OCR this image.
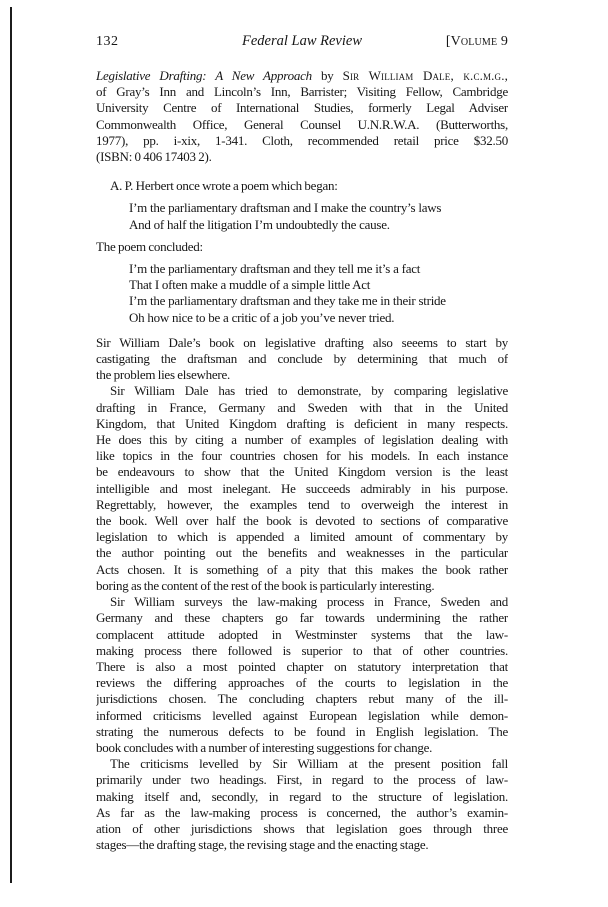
132	Federal Law Review	[Volume 9
Legislative Drafting: A New Approach by Sir William Dale, k.c.m.g.,
of Gray’s Inn and Lincoln’s Inn, Barrister; Visiting Fellow, Cambridge
University Centre of International Studies, formerly Legal Adviser
Commonwealth Office, General Counsel U.N.R.W.A. (Butterworths,
1977), pp. i-xix, 1-341. Cloth, recommended retail price $32.50
(ISBN: 0 406 17403 2).
A. P. Herbert once wrote a poem which began:
I’m the parliamentary draftsman and I make the country’s laws
And of half the litigation I’m undoubtedly the cause.
The poem concluded:
I’m the parliamentary draftsman and they tell me it’s a fact
That I often make a muddle of a simple little Act
I’m the parliamentary draftsman and they take me in their stride
Oh how nice to be a critic of a job you’ve never tried.
Sir William Dale’s book on legislative drafting also seeems to start by
castigating the draftsman and conclude by determining that much of
the problem lies elsewhere.
Sir William Dale has tried to demonstrate, by comparing legislative
drafting in France, Germany and Sweden with that in the United
Kingdom, that United Kingdom drafting is deficient in many respects.
He does this by citing a number of examples of legislation dealing with
like topics in the four countries chosen for his models. In each instance
be endeavours to show that the United Kingdom version is the least
intelligible and most inelegant. He succeeds admirably in his purpose.
Regrettably, however, the examples tend to overweigh the interest in
the book. Well over half the book is devoted to sections of comparative
legislation to which is appended a limited amount of commentary by
the author pointing out the benefits and weaknesses in the particular
Acts chosen. It is something of a pity that this makes the book rather
boring as the content of the rest of the book is particularly interesting.
Sir William surveys the law-making process in France, Sweden and
Germany and these chapters go far towards undermining the rather
complacent attitude adopted in Westminster systems that the law-
making process there followed is superior to that of other countries.
There is also a most pointed chapter on statutory interpretation that
reviews the differing approaches of the courts to legislation in the
jurisdictions chosen. The concluding chapters rebut many of the ill-
informed criticisms levelled against European legislation while demon-
strating the numerous defects to be found in English legislation. The
book concludes with a number of interesting suggestions for change.
The criticisms levelled by Sir William at the present position fall
primarily under two headings. First, in regard to the process of law-
making itself and, secondly, in regard to the structure of legislation.
As far as the law-making process is concerned, the author’s examin-
ation of other jurisdictions shows that legislation goes through three
stages—the drafting stage, the revising stage and the enacting stage.
